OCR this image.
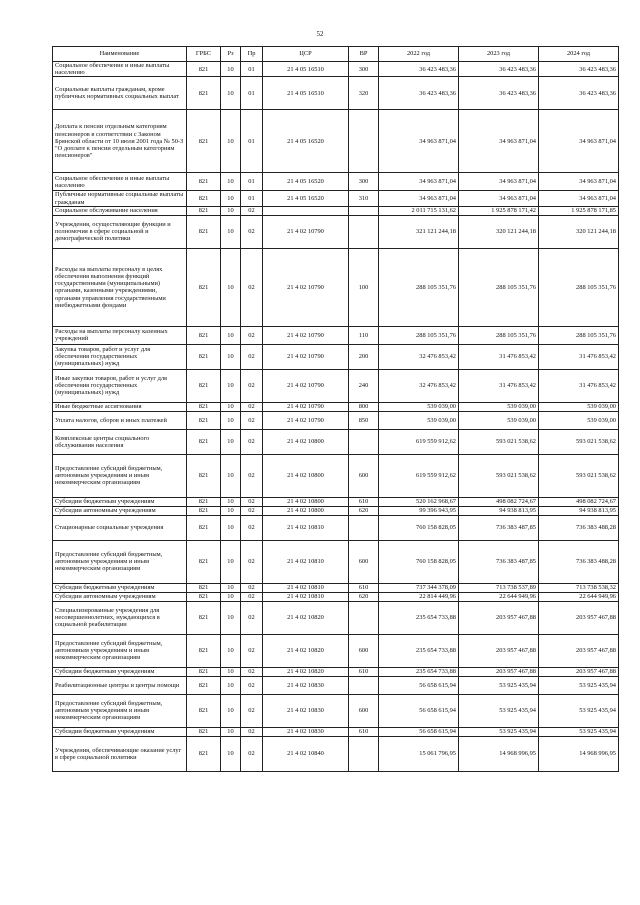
52
Наименование	ГРБС	Рз	Пр	ЦСР	ВР	2022 год	2023 год	2024 год
Социальное обеспечение и иные выплаты населению	821	10	01	21 4 05 16510	300	36 423 483,36	36 423 483,36	36 423 483,36
Социальные выплаты гражданам, кроме публичных нормативных социальных выплат	821	10	01	21 4 05 16510	320	36 423 483,36	36 423 483,36	36 423 483,36
Доплата к пенсии отдельным категориям пенсионеров в соответствии с Законом Брянской области от 10 июля 2001 года № 50-З "О доплате к пенсии отдельным категориям пенсионеров"	821	10	01	21 4 05 16520		34 963 871,04	34 963 871,04	34 963 871,04
Социальное обеспечение и иные выплаты населению	821	10	01	21 4 05 16520	300	34 963 871,04	34 963 871,04	34 963 871,04
Публичные нормативные социальные выплаты гражданам	821	10	01	21 4 05 16520	310	34 963 871,04	34 963 871,04	34 963 871,04
Социальное обслуживание населения	821	10	02			2 011 715 131,62	1 925 878 171,42	1 925 878 171,85
Учреждения, осуществляющие функции и полномочия в сфере социальной и демографической политики	821	10	02	21 4 02 10790		321 121 244,18	320 121 244,18	320 121 244,18
Расходы на выплаты персоналу в целях обеспечения выполнения функций государственными (муниципальными) органами, казенными учреждениями, органами управления государственными внебюджетными фондами	821	10	02	21 4 02 10790	100	288 105 351,76	288 105 351,76	288 105 351,76
Расходы на выплаты персоналу казенных учреждений	821	10	02	21 4 02 10790	110	288 105 351,76	288 105 351,76	288 105 351,76
Закупка товаров, работ и услуг для обеспечения государственных (муниципальных) нужд	821	10	02	21 4 02 10790	200	32 476 853,42	31 476 853,42	31 476 853,42
Иные закупки товаров, работ и услуг для обеспечения государственных (муниципальных) нужд	821	10	02	21 4 02 10790	240	32 476 853,42	31 476 853,42	31 476 853,42
Иные бюджетные ассигнования	821	10	02	21 4 02 10790	800	539 039,00	539 039,00	539 039,00
Уплата налогов, сборов и иных платежей	821	10	02	21 4 02 10790	850	539 039,00	539 039,00	539 039,00
Комплексные центры социального обслуживания населения	821	10	02	21 4 02 10800		619 559 912,62	593 021 538,62	593 021 538,62
Предоставление субсидий бюджетным, автономным учреждениям и иным некоммерческим организациям	821	10	02	21 4 02 10800	600	619 559 912,62	593 021 538,62	593 021 538,62
Субсидии бюджетным учреждениям	821	10	02	21 4 02 10800	610	520 162 968,67	498 082 724,67	498 082 724,67
Субсидии автономным учреждениям	821	10	02	21 4 02 10800	620	99 396 943,95	94 938 813,95	94 938 813,95
Стационарные социальные учреждения	821	10	02	21 4 02 10810		760 158 828,05	736 383 487,85	736 383 488,28
Предоставление субсидий бюджетным, автономным учреждениям и иным некоммерческим организациям	821	10	02	21 4 02 10810	600	760 158 828,05	736 383 487,85	736 383 488,28
Субсидии бюджетным учреждениям	821	10	02	21 4 02 10810	610	737 344 378,09	713 738 537,89	713 738 538,32
Субсидии автономным учреждениям	821	10	02	21 4 02 10810	620	22 814 449,96	22 644 949,96	22 644 949,96
Специализированные учреждения для несовершеннолетних, нуждающихся в социальной реабилитации	821	10	02	21 4 02 10820		235 654 733,88	203 957 467,88	203 957 467,88
Предоставление субсидий бюджетным, автономным учреждениям и иным некоммерческим организациям	821	10	02	21 4 02 10820	600	235 654 733,88	203 957 467,88	203 957 467,88
Субсидии бюджетным учреждениям	821	10	02	21 4 02 10820	610	235 654 733,88	203 957 467,88	203 957 467,88
Реабилитационные центры и центры помощи	821	10	02	21 4 02 10830		56 658 615,94	53 925 435,94	53 925 435,94
Предоставление субсидий бюджетным, автономным учреждениям и иным некоммерческим организациям	821	10	02	21 4 02 10830	600	56 658 615,94	53 925 435,94	53 925 435,94
Субсидии бюджетным учреждениям	821	10	02	21 4 02 10830	610	56 658 615,94	53 925 435,94	53 925 435,94
Учреждения, обеспечивающие оказание услуг в сфере социальной политики	821	10	02	21 4 02 10840		15 061 796,95	14 968 996,95	14 968 996,95
